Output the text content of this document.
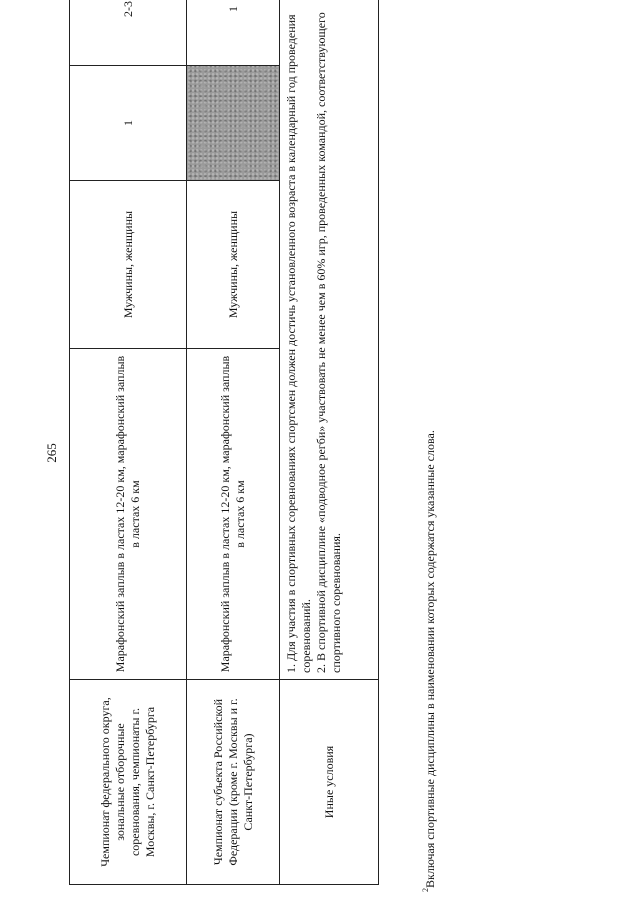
265
Чемпионат федерального округа, зональные отборочные соревнования, чемпионаты г. Москвы, г. Санкт-Петербурга	Марафонский заплыв в ластах 12-20 км, марафонский заплыв в ластах 6 км	Мужчины, женщины	1	2-3
Чемпионат субъекта Российской Федерации (кроме г. Москвы и г. Санкт-Петербурга)	Марафонский заплыв в ластах 12-20 км, марафонский заплыв в ластах 6 км	Мужчины, женщины		1
Иные условия	1. Для участия в спортивных соревнованиях спортсмен должен достичь установленного возраста в календарный год проведения соревнований. 2. В спортивной дисциплине «подводное регби» участвовать не менее чем в 60% игр, проведенных командой, соответствующего спортивного соревнования.			

$^2$Включая спортивные дисциплины в наименовании которых содержатся указанные слова.
